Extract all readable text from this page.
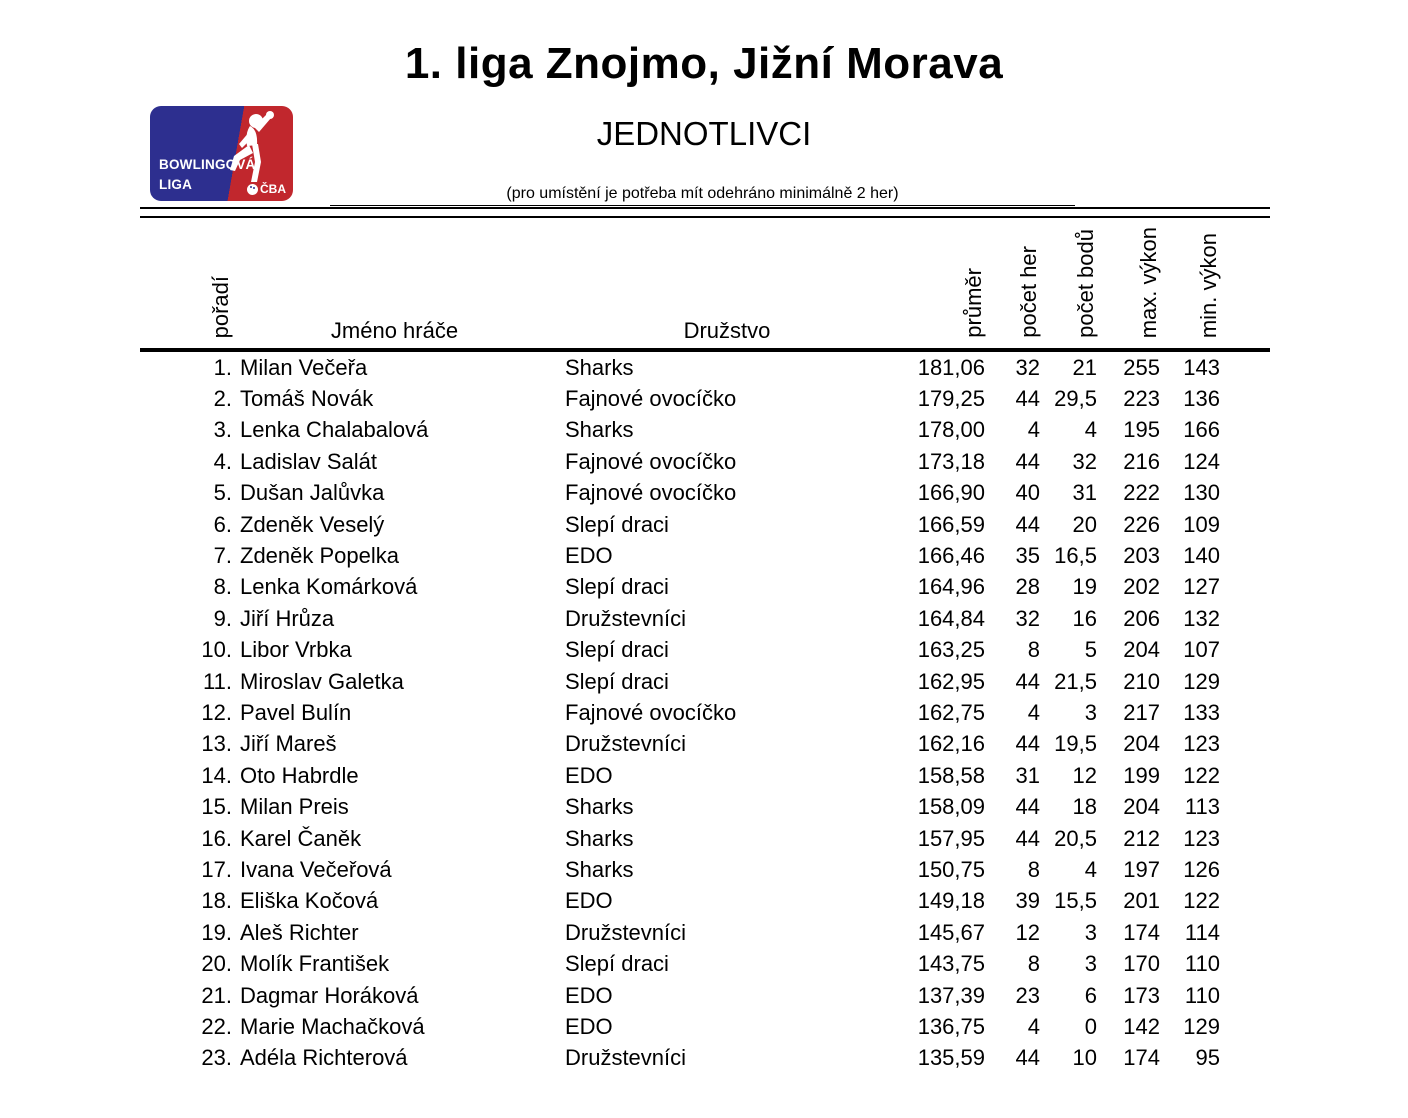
1. liga Znojmo, Jižní Morava
BOWLINGOVÁ
LIGA	ČBA
JEDNOTLIVCI
(pro umístění je potřeba mít odehráno minimálně 2 her)
pořadí	Jméno hráče	Družstvo	průměr	počet her	počet bodů	max. výkon	min. výkon
1.	Milan Večeřa	Sharks	181,06	32	21	255	143
2.	Tomáš Novák	Fajnové ovocíčko	179,25	44	29,5	223	136
3.	Lenka Chalabalová	Sharks	178,00	4	4	195	166
4.	Ladislav Salát	Fajnové ovocíčko	173,18	44	32	216	124
5.	Dušan Jalůvka	Fajnové ovocíčko	166,90	40	31	222	130
6.	Zdeněk Veselý	Slepí draci	166,59	44	20	226	109
7.	Zdeněk Popelka	EDO	166,46	35	16,5	203	140
8.	Lenka Komárková	Slepí draci	164,96	28	19	202	127
9.	Jiří Hrůza	Družstevníci	164,84	32	16	206	132
10.	Libor Vrbka	Slepí draci	163,25	8	5	204	107
11.	Miroslav Galetka	Slepí draci	162,95	44	21,5	210	129
12.	Pavel Bulín	Fajnové ovocíčko	162,75	4	3	217	133
13.	Jiří Mareš	Družstevníci	162,16	44	19,5	204	123
14.	Oto Habrdle	EDO	158,58	31	12	199	122
15.	Milan Preis	Sharks	158,09	44	18	204	113
16.	Karel Čaněk	Sharks	157,95	44	20,5	212	123
17.	Ivana Večeřová	Sharks	150,75	8	4	197	126
18.	Eliška Kočová	EDO	149,18	39	15,5	201	122
19.	Aleš Richter	Družstevníci	145,67	12	3	174	114
20.	Molík František	Slepí draci	143,75	8	3	170	110
21.	Dagmar Horáková	EDO	137,39	23	6	173	110
22.	Marie Machačková	EDO	136,75	4	0	142	129
23.	Adéla Richterová	Družstevníci	135,59	44	10	174	95
